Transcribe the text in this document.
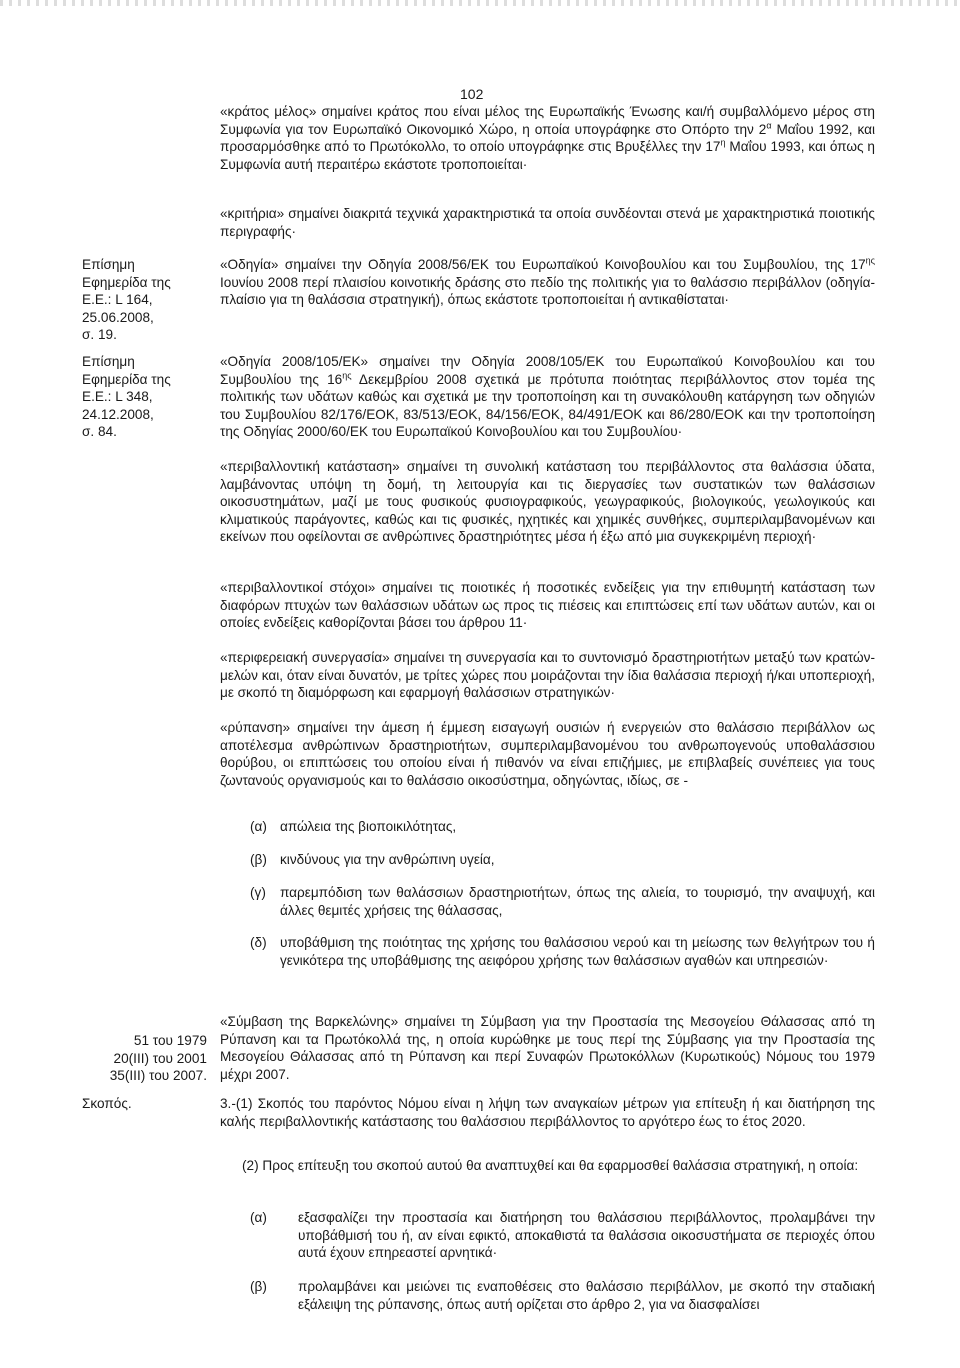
102
«κράτος μέλος» σημαίνει κράτος που είναι μέλος της Ευρωπαϊκής Ένωσης και/ή συμβαλλόμενο μέρος στη Συμφωνία για τον Ευρωπαϊκό Οικονομικό Χώρο, η οποία υπογράφηκε στο Οπόρτο την $2^\alpha$ Μαΐου 1992, και προσαρμόσθηκε από το Πρωτόκολλο, το οποίο υπογράφηκε στις Βρυξέλλες την $17^\eta$ Μαΐου 1993, και όπως η Συμφωνία αυτή περαιτέρω εκάστοτε τροποποιείται·
«κριτήρια» σημαίνει διακριτά τεχνικά χαρακτηριστικά τα οποία συνδέονται στενά με χαρακτηριστικά ποιοτικής περιγραφής·
Επίσημη
Εφημερίδα της
Ε.Ε.: L 164,
25.06.2008,
σ. 19.
«Οδηγία» σημαίνει την Οδηγία 2008/56/ΕΚ του Ευρωπαϊκού Κοινοβουλίου και του Συμβουλίου, της $17^{\eta\varsigma}$ Ιουνίου 2008 περί πλαισίου κοινοτικής δράσης στο πεδίο της πολιτικής για το θαλάσσιο περιβάλλον (οδηγία-πλαίσιο για τη θαλάσσια στρατηγική), όπως εκάστοτε τροποποιείται ή αντικαθίσταται·
Επίσημη
Εφημερίδα της
Ε.Ε.: L 348,
24.12.2008,
σ. 84.
«Οδηγία 2008/105/ΕΚ» σημαίνει την Οδηγία 2008/105/ΕΚ του Ευρωπαϊκού Κοινοβουλίου και του Συμβουλίου της $16^{\eta\varsigma}$ Δεκεμβρίου 2008 σχετικά με πρότυπα ποιότητας περιβάλλοντος στον τομέα της πολιτικής των υδάτων καθώς και σχετικά με την τροποποίηση και τη συνακόλουθη κατάργηση των οδηγιών του Συμβουλίου 82/176/ΕΟΚ, 83/513/ΕΟΚ, 84/156/ΕΟΚ, 84/491/ΕΟΚ και 86/280/ΕΟΚ και την τροποποίηση της Οδηγίας 2000/60/ΕΚ του Ευρωπαϊκού Κοινοβουλίου και του Συμβουλίου·
«περιβαλλοντική κατάσταση» σημαίνει τη συνολική κατάσταση του περιβάλλοντος στα θαλάσσια ύδατα, λαμβάνοντας υπόψη τη δομή, τη λειτουργία και τις διεργασίες των συστατικών των θαλάσσιων οικοσυστημάτων, μαζί με τους φυσικούς φυσιογραφικούς, γεωγραφικούς, βιολογικούς, γεωλογικούς και κλιματικούς παράγοντες, καθώς και τις φυσικές, ηχητικές και χημικές συνθήκες, συμπεριλαμβανομένων και εκείνων που οφείλονται σε ανθρώπινες δραστηριότητες μέσα ή έξω από μια συγκεκριμένη περιοχή·
«περιβαλλοντικοί στόχοι» σημαίνει τις ποιοτικές ή ποσοτικές ενδείξεις για την επιθυμητή κατάσταση των διαφόρων πτυχών των θαλάσσιων υδάτων ως προς τις πιέσεις και επιπτώσεις επί των υδάτων αυτών, και οι οποίες ενδείξεις καθορίζονται βάσει του άρθρου 11·
«περιφερειακή συνεργασία» σημαίνει τη συνεργασία και το συντονισμό δραστηριοτήτων μεταξύ των κρατών-μελών και, όταν είναι δυνατόν, με τρίτες χώρες που μοιράζονται την ίδια θαλάσσια περιοχή ή/και υποπεριοχή, με σκοπό τη διαμόρφωση και εφαρμογή θαλάσσιων στρατηγικών·
«ρύπανση» σημαίνει την άμεση ή έμμεση εισαγωγή ουσιών ή ενεργειών στο θαλάσσιο περιβάλλον ως αποτέλεσμα ανθρώπινων δραστηριοτήτων, συμπεριλαμβανομένου του ανθρωπογενούς υποθαλάσσιου θορύβου, οι επιπτώσεις του οποίου είναι ή πιθανόν να είναι επιζήμιες, με επιβλαβείς συνέπειες για τους ζωντανούς οργανισμούς και το θαλάσσιο οικοσύστημα, οδηγώντας, ιδίως, σε -
(α) απώλεια της βιοποικιλότητας,
(β) κινδύνους για την ανθρώπινη υγεία,
(γ) παρεμπόδιση των θαλάσσιων δραστηριοτήτων, όπως της αλιεία, το τουρισμό, την αναψυχή, και άλλες θεμιτές χρήσεις της θάλασσας,
(δ) υποβάθμιση της ποιότητας της χρήσης του θαλάσσιου νερού και τη μείωσης των θελγήτρων του ή γενικότερα της υποβάθμισης της αειφόρου χρήσης των θαλάσσιων αγαθών και υπηρεσιών·
51 του 1979
20(III) του 2001
35(III) του 2007.
«Σύμβαση της Βαρκελώνης» σημαίνει τη Σύμβαση για την Προστασία της Μεσογείου Θάλασσας από τη Ρύπανση και τα Πρωτόκολλά της, η οποία κυρώθηκε με τους περί της Σύμβασης για την Προστασία της Μεσογείου Θάλασσας από τη Ρύπανση και περί Συναφών Πρωτοκόλλων (Κυρωτικούς) Νόμους του 1979 μέχρι 2007.
Σκοπός.	3.-(1) Σκοπός του παρόντος Νόμου είναι η λήψη των αναγκαίων μέτρων για επίτευξη ή και διατήρηση της καλής περιβαλλοντικής κατάστασης του θαλάσσιου περιβάλλοντος το αργότερο έως το έτος 2020.
(2) Προς επίτευξη του σκοπού αυτού θα αναπτυχθεί και θα εφαρμοσθεί θαλάσσια στρατηγική, η οποία:
(α) εξασφαλίζει την προστασία και διατήρηση του θαλάσσιου περιβάλλοντος, προλαμβάνει την υποβάθμισή του ή, αν είναι εφικτό, αποκαθιστά τα θαλάσσια οικοσυστήματα σε περιοχές όπου αυτά έχουν επηρεαστεί αρνητικά·
(β) προλαμβάνει και μειώνει τις εναποθέσεις στο θαλάσσιο περιβάλλον, με σκοπό την σταδιακή εξάλειψη της ρύπανσης, όπως αυτή ορίζεται στο άρθρο 2, για να διασφαλίσει
